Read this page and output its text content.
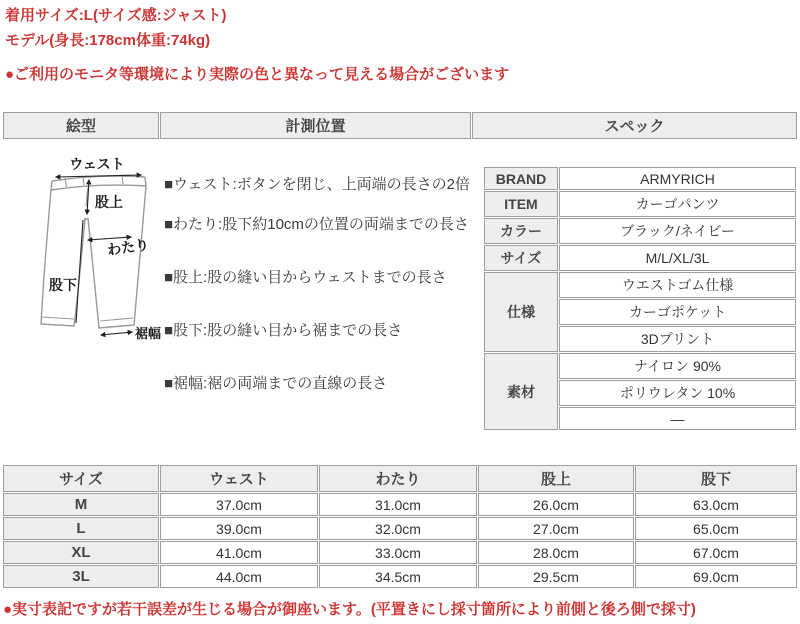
着用サイズ:L(サイズ感:ジャスト)
モデル(身長:178cm体重:74kg)
●ご利用のモニタ等環境により実際の色と異なって見える場合がございます
絵型	計測位置	スペック
ウェスト
股上
わたり
股下
裾幅
■ウェスト:ボタンを閉じ、上両端の長さの2倍
■わたり:股下約10cmの位置の両端までの長さ
■股上:股の縫い目からウェストまでの長さ
■股下:股の縫い目から裾までの長さ
■裾幅:裾の両端までの直線の長さ
BRAND	ARMYRICH
ITEM	カーゴパンツ
カラー	ブラック/ネイビー
サイズ	M/L/XL/3L
仕様	ウエストゴム仕様
	カーゴポケット
	3Dプリント
素材	ナイロン 90%
	ポリウレタン 10%
	―
サイズ	ウェスト	わたり	股上	股下
M	37.0cm	31.0cm	26.0cm	63.0cm
L	39.0cm	32.0cm	27.0cm	65.0cm
XL	41.0cm	33.0cm	28.0cm	67.0cm
3L	44.0cm	34.5cm	29.5cm	69.0cm
●実寸表記ですが若干誤差が生じる場合が御座います。(平置きにし採寸箇所により前側と後ろ側で採寸)
